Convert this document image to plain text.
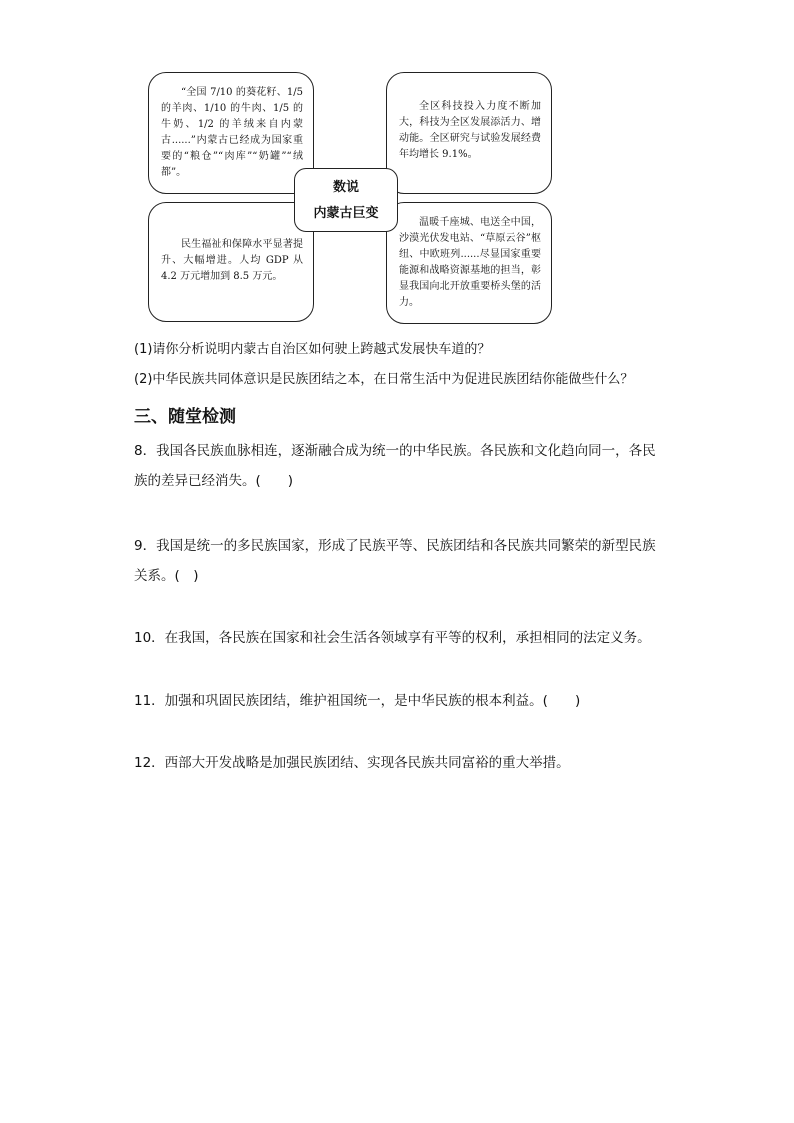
“全国 7/10 的葵花籽、1/5 的羊肉、1/10 的牛肉、1/5 的牛奶、1/2 的羊绒来自内蒙古......”内蒙古已经成为国家重要的“粮仓”“肉库”“奶罐”“绒都”。

全区科技投入力度不断加大，科技为全区发展添活力、增动能。全区研究与试验发展经费年均增长 9.1%。

民生福祉和保障水平显著提升、大幅增进。人均 GDP 从 4.2 万元增加到 8.5 万元。

温暖千座城、电送全中国，沙漠光伏发电站、“草原云谷”枢纽、中欧班列......尽显国家重要能源和战略资源基地的担当，彰显我国向北开放重要桥头堡的活力。

数说
内蒙古巨变
(1)请你分析说明内蒙古自治区如何驶上跨越式发展快车道的？
(2)中华民族共同体意识是民族团结之本，在日常生活中为促进民族团结你能做些什么？
三、随堂检测
8．我国各民族血脉相连，逐渐融合成为统一的中华民族。各民族和文化趋向同一，各民族的差异已经消失。(　　)
9．我国是统一的多民族国家，形成了民族平等、民族团结和各民族共同繁荣的新型民族关系。(　)
10．在我国，各民族在国家和社会生活各领域享有平等的权利，承担相同的法定义务。
11．加强和巩固民族团结，维护祖国统一，是中华民族的根本利益。(　　)
12．西部大开发战略是加强民族团结、实现各民族共同富裕的重大举措。
